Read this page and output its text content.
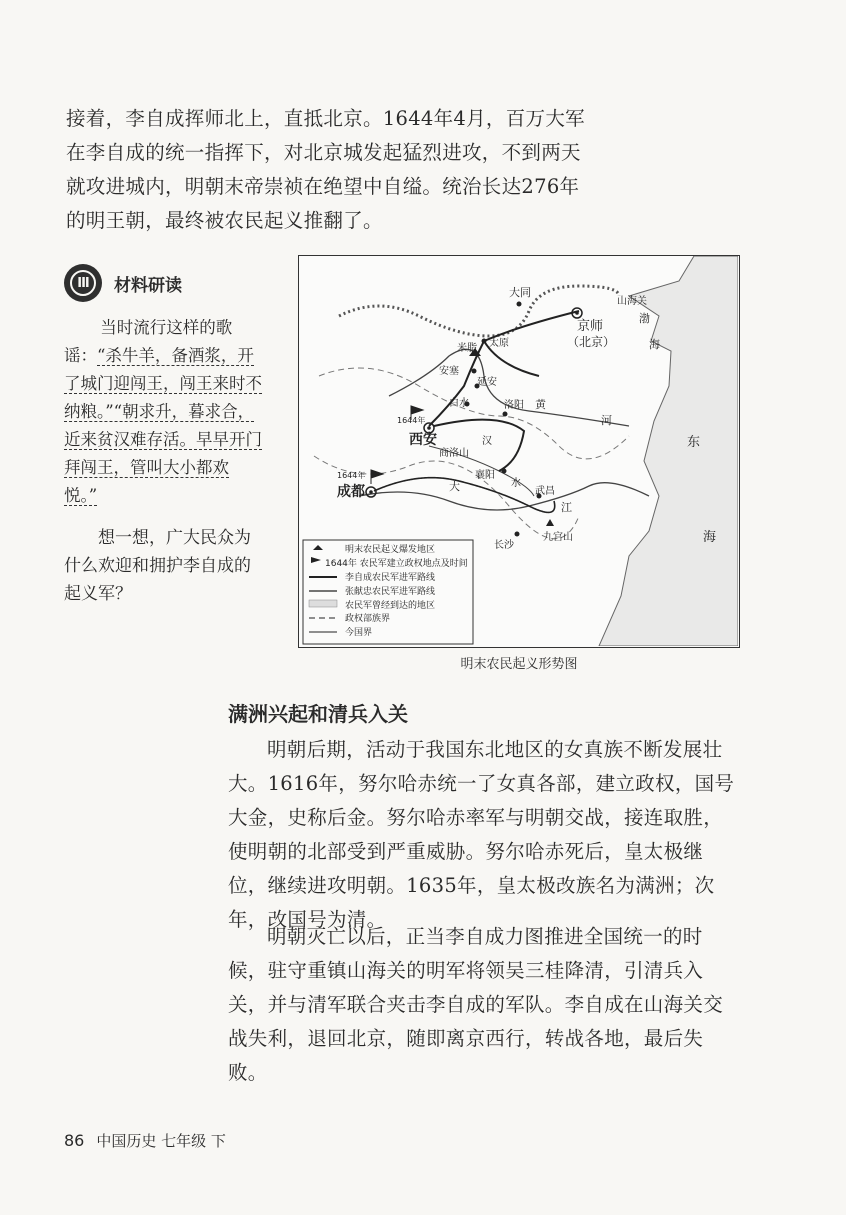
接着，李自成挥师北上，直抵北京。1644年4月，百万大军在李自成的统一指挥下，对北京城发起猛烈进攻，不到两天就攻进城内，明朝末帝崇祯在绝望中自缢。统治长达276年的明王朝，最终被农民起义推翻了。

III	材料研读

当时流行这样的歌谣：“杀牛羊，备酒浆，开了城门迎闯王，闯王来时不纳粮。”“朝求升，暮求合，近来贫汉难存活。早早开门拜闯王，管叫大小都欢悦。”

想一想，广大民众为什么欢迎和拥护李自成的起义军？

大同
山海关
渤
海
京师
（北京）
米脂 太原
安塞
延安
白水	洛阳 黄
河
1644年
西安
商洛山
汉
水
襄阳
1644年
成都	大
江
武昌
长沙
九宫山
东
海
明末农民起义爆发地区
1644年 农民军建立政权地点及时间
李自成农民军进军路线
张献忠农民军进军路线
农民军曾经到达的地区
政权部族界
今国界
明末农民起义形势图
满洲兴起和清兵入关

明朝后期，活动于我国东北地区的女真族不断发展壮大。1616年，努尔哈赤统一了女真各部，建立政权，国号大金，史称后金。努尔哈赤率军与明朝交战，接连取胜，使明朝的北部受到严重威胁。努尔哈赤死后，皇太极继位，继续进攻明朝。1635年，皇太极改族名为满洲；次年，改国号为清。

明朝灭亡以后，正当李自成力图推进全国统一的时候，驻守重镇山海关的明军将领吴三桂降清，引清兵入关，并与清军联合夹击李自成的军队。李自成在山海关交战失利，退回北京，随即离京西行，转战各地，最后失败。

86 中国历史 七年级 下
